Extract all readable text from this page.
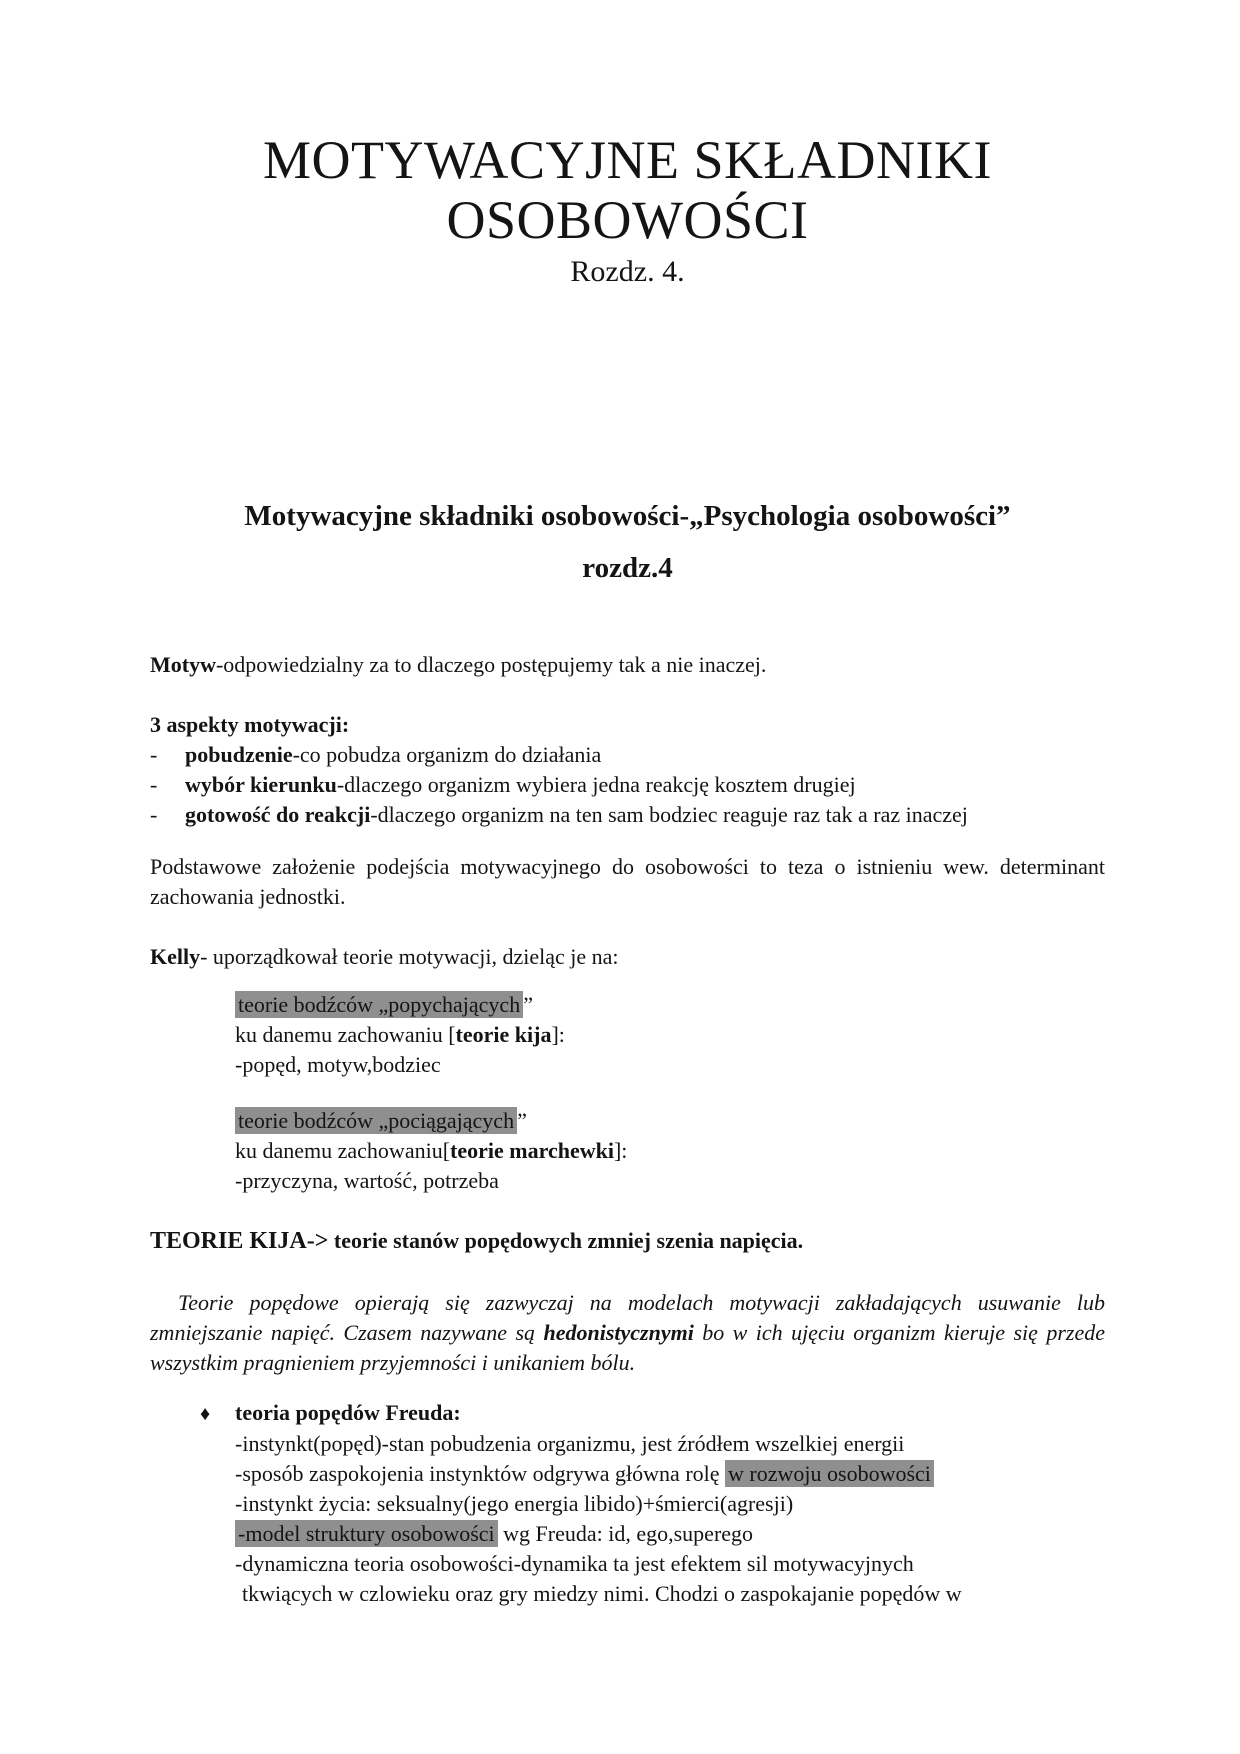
MOTYWACYJNE SKŁADNIKI
OSOBOWOŚCI
Rozdz. 4.
Motywacyjne składniki osobowości-„Psychologia osobowości”
rozdz.4

Motyw-odpowiedzialny za to dlaczego postępujemy tak a nie inaczej.

3 aspekty motywacji:

- pobudzenie-co pobudza organizm do działania
- wybór kierunku-dlaczego organizm wybiera jedna reakcję kosztem drugiej
- gotowość do reakcji-dlaczego organizm na ten sam bodziec reaguje raz tak a raz inaczej

Podstawowe założenie podejścia motywacyjnego do osobowości to teza o istnieniu wew. determinant zachowania jednostki.

Kelly- uporządkował teorie motywacji, dzieląc je na:

teorie bodźców „popychających ”
ku danemu zachowaniu [teorie kija]:
-popęd, motyw,bodziec
teorie bodźców „pociągających ”
ku danemu zachowaniu[teorie marchewki]:
-przyczyna, wartość, potrzeba

TEORIE KIJA-> teorie stanów popędowych zmniej szenia napięcia.

Teorie popędowe opierają się zazwyczaj na modelach motywacji zakładających usuwanie lub zmniejszanie napięć. Czasem nazywane są hedonistycznymi bo w ich ujęciu organizm kieruje się przede wszystkim pragnieniem przyjemności i unikaniem bólu.

♦ teoria popędów Freuda:
-instynkt(popęd)-stan pobudzenia organizmu, jest źródłem wszelkiej energii
-sposób zaspokojenia instynktów odgrywa główna rolę w rozwoju osobowości
-instynkt życia: seksualny(jego energia libido)+śmierci(agresji)
-model struktury osobowości wg Freuda: id, ego,superego
-dynamiczna teoria osobowości-dynamika ta jest efektem sil motywacyjnych
tkwiących w czlowieku oraz gry miedzy nimi. Chodzi o zaspokajanie popędów w
